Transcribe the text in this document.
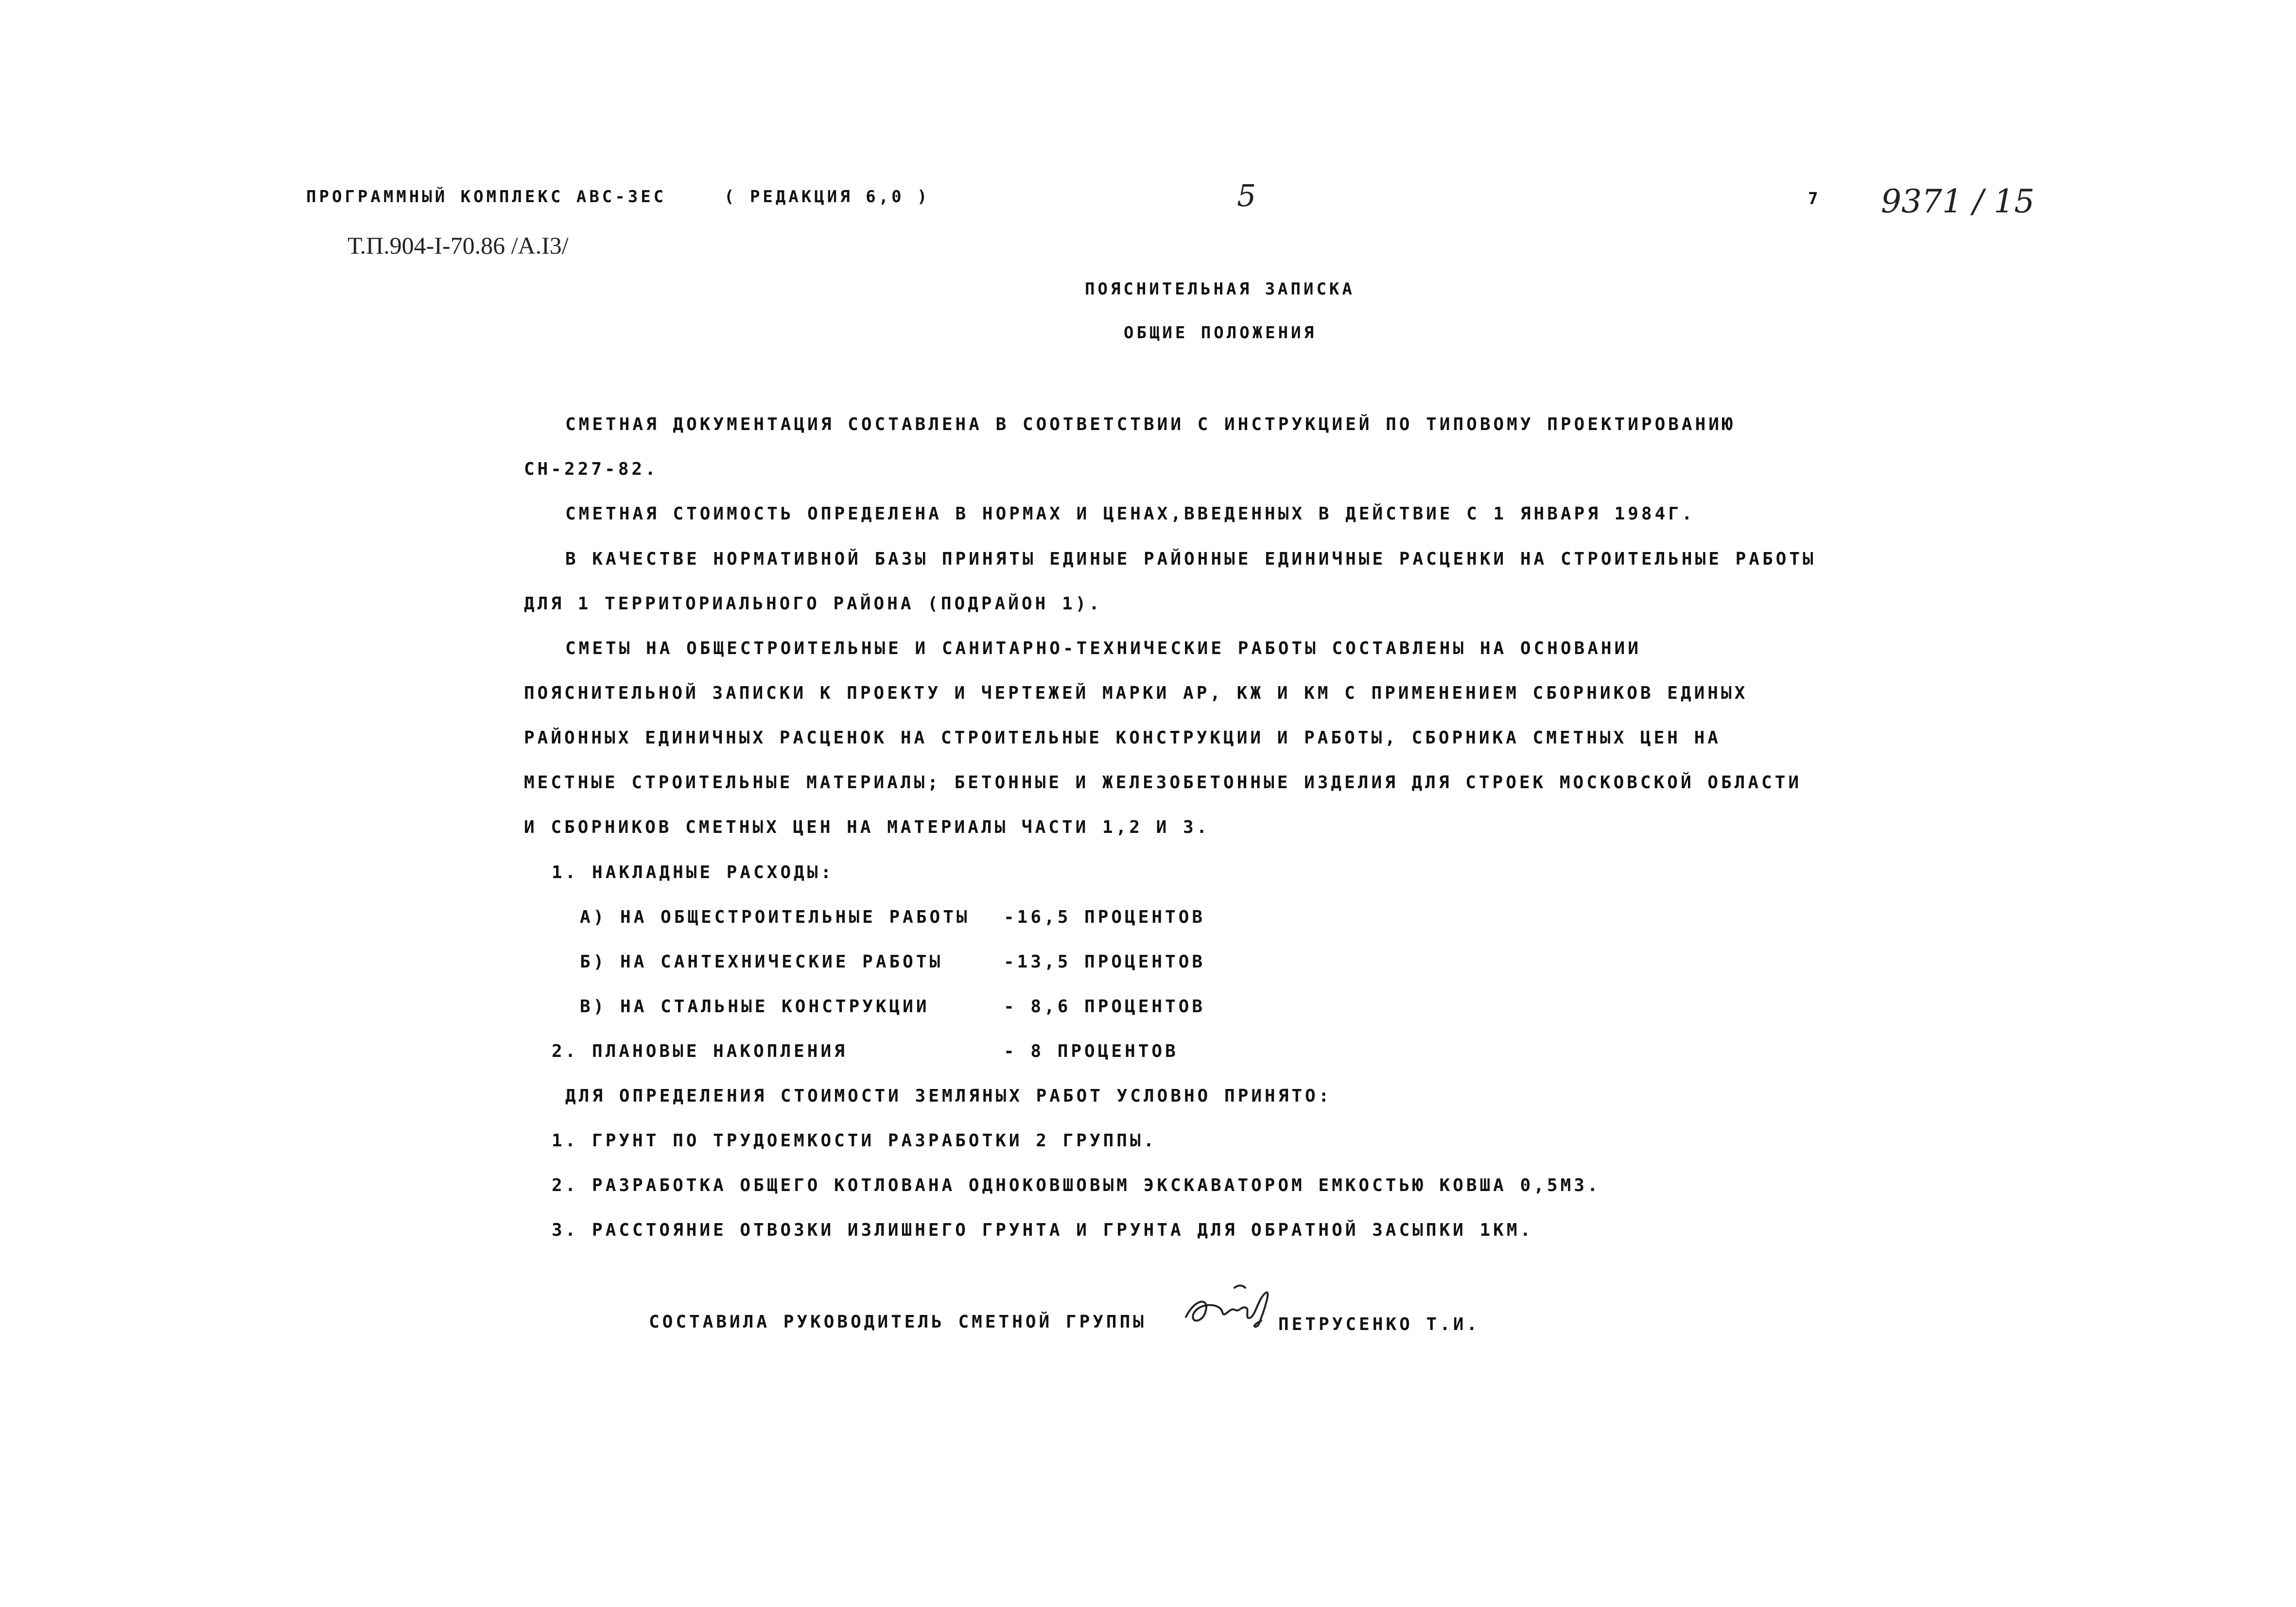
ПРОГРАММНЫЙ КОМПЛЕКС АВС-3ЕС	( РЕДАКЦИЯ 6,0 )	5	7 9371 / 15
Т.П.904-I-70.86 /А.I3/
ПОЯСНИТЕЛЬНАЯ ЗАПИСКА
ОБЩИЕ ПОЛОЖЕНИЯ
СМЕТНАЯ ДОКУМЕНТАЦИЯ СОСТАВЛЕНА В СООТВЕТСТВИИ С ИНСТРУКЦИЕЙ ПО ТИПОВОМУ ПРОЕКТИРОВАНИЮ
СН-227-82.
СМЕТНАЯ СТОИМОСТЬ ОПРЕДЕЛЕНА В НОРМАХ И ЦЕНАХ,ВВЕДЕННЫХ В ДЕЙСТВИЕ С 1 ЯНВАРЯ 1984Г.
В КАЧЕСТВЕ НОРМАТИВНОЙ БАЗЫ ПРИНЯТЫ ЕДИНЫЕ РАЙОННЫЕ ЕДИНИЧНЫЕ РАСЦЕНКИ НА СТРОИТЕЛЬНЫЕ РАБОТЫ
ДЛЯ 1 ТЕРРИТОРИАЛЬНОГО РАЙОНА (ПОДРАЙОН 1).
СМЕТЫ НА ОБЩЕСТРОИТЕЛЬНЫЕ И САНИТАРНО-ТЕХНИЧЕСКИЕ РАБОТЫ СОСТАВЛЕНЫ НА ОСНОВАНИИ
ПОЯСНИТЕЛЬНОЙ ЗАПИСКИ К ПРОЕКТУ И ЧЕРТЕЖЕЙ МАРКИ АР, КЖ И КМ С ПРИМЕНЕНИЕМ СБОРНИКОВ ЕДИНЫХ
РАЙОННЫХ ЕДИНИЧНЫХ РАСЦЕНОК НА СТРОИТЕЛЬНЫЕ КОНСТРУКЦИИ И РАБОТЫ, СБОРНИКА СМЕТНЫХ ЦЕН НА
МЕСТНЫЕ СТРОИТЕЛЬНЫЕ МАТЕРИАЛЫ; БЕТОННЫЕ И ЖЕЛЕЗОБЕТОННЫЕ ИЗДЕЛИЯ ДЛЯ СТРОЕК МОСКОВСКОЙ ОБЛАСТИ
И СБОРНИКОВ СМЕТНЫХ ЦЕН НА МАТЕРИАЛЫ ЧАСТИ 1,2 И 3.
1. НАКЛАДНЫЕ РАСХОДЫ:
А) НА ОБЩЕСТРОИТЕЛЬНЫЕ РАБОТЫ -16,5 ПРОЦЕНТОВ
Б) НА САНТЕХНИЧЕСКИЕ РАБОТЫ	-13,5 ПРОЦЕНТОВ
В) НА СТАЛЬНЫЕ КОНСТРУКЦИИ	- 8,6 ПРОЦЕНТОВ
2. ПЛАНОВЫЕ НАКОПЛЕНИЯ	- 8 ПРОЦЕНТОВ
ДЛЯ ОПРЕДЕЛЕНИЯ СТОИМОСТИ ЗЕМЛЯНЫХ РАБОТ УСЛОВНО ПРИНЯТО:
1. ГРУНТ ПО ТРУДОЕМКОСТИ РАЗРАБОТКИ 2 ГРУППЫ.
2. РАЗРАБОТКА ОБЩЕГО КОТЛОВАНА ОДНОКОВШОВЫМ ЭКСКАВАТОРОМ ЕМКОСТЬЮ КОВША 0,5М3.
3. РАССТОЯНИЕ ОТВОЗКИ ИЗЛИШНЕГО ГРУНТА И ГРУНТА ДЛЯ ОБРАТНОЙ ЗАСЫПКИ 1КМ.
СОСТАВИЛА РУКОВОДИТЕЛЬ СМЕТНОЙ ГРУППЫ	ПЕТРУСЕНКО Т.И.
